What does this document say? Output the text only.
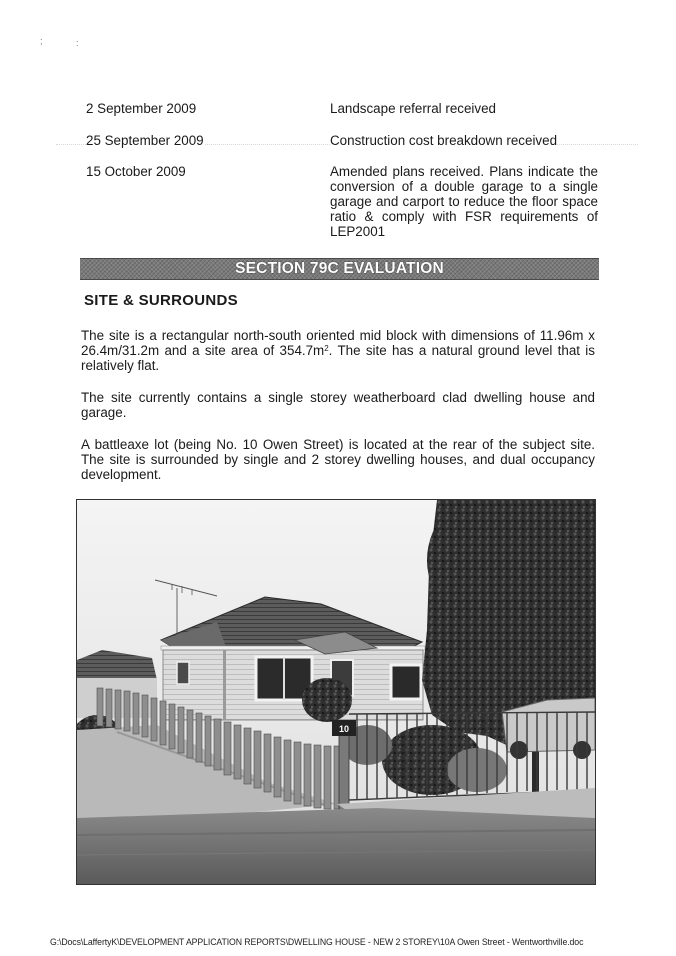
;	:
2 September 2009	Landscape referral received
25 September 2009	Construction cost breakdown received
15 October 2009	Amended plans received. Plans indicate the conversion of a double garage to a single garage and carport to reduce the floor space ratio & comply with FSR requirements of LEP2001
SECTION 79C EVALUATION
SITE & SURROUNDS
The site is a rectangular north-south oriented mid block with dimensions of 11.96m x 26.4m/31.2m and a site area of $354.7m^2$. The site has a natural ground level that is relatively flat.
The site currently contains a single storey weatherboard clad dwelling house and garage.
A battleaxe lot (being No. 10 Owen Street) is located at the rear of the subject site. The site is surrounded by single and 2 storey dwelling houses, and dual occupancy development.
10
G:\Docs\LaffertyK\DEVELOPMENT APPLICATION REPORTS\DWELLING HOUSE - NEW 2 STOREY\10A Owen Street - Wentworthville.doc
